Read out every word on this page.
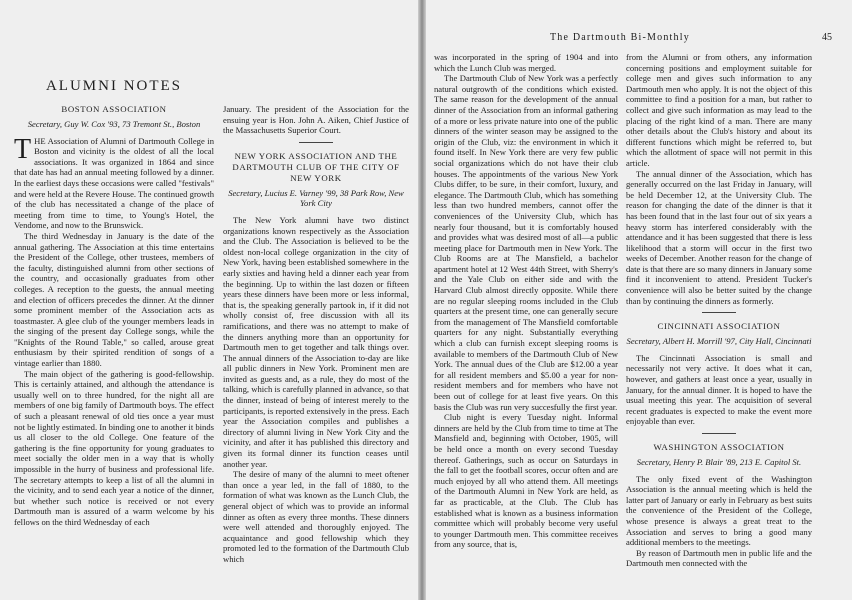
ALUMNI NOTES
BOSTON ASSOCIATION
Secretary, Guy W. Cox '93, 73 Tremont St., Boston

THE Association of Alumni of Dartmouth College in Boston and vicinity is the oldest of all the local associations. It was organized in 1864 and since that date has had an annual meeting followed by a dinner. In the earliest days these occasions were called "festivals" and were held at the Revere House. The continued growth of the club has necessitated a change of the place of meeting from time to time, to Young's Hotel, the Vendome, and now to the Brunswick.

The third Wednesday in January is the date of the annual gathering. The Association at this time entertains the President of the College, other trustees, members of the faculty, distinguished alumni from other sections of the country, and occasionally graduates from other colleges. A reception to the guests, the annual meeting and election of officers precedes the dinner. At the dinner some prominent member of the Association acts as toastmaster. A glee club of the younger members leads in the singing of the present day College songs, while the "Knights of the Round Table," so called, arouse great enthusiasm by their spirited rendition of songs of a vintage earlier than 1880.

The main object of the gathering is good-fellowship. This is certainly attained, and although the attendance is usually well on to three hundred, for the night all are members of one big family of Dartmouth boys. The effect of such a pleasant renewal of old ties once a year must not be lightly estimated. In binding one to another it binds us all closer to the old College. One feature of the gathering is the fine opportunity for young graduates to meet socially the older men in a way that is wholly impossible in the hurry of business and professional life. The secretary attempts to keep a list of all the alumni in the vicinity, and to send each year a notice of the dinner, but whether such notice is received or not every Dartmouth man is assured of a warm welcome by his fellows on the third Wednesday of each

January. The president of the Association for the ensuing year is Hon. John A. Aiken, Chief Justice of the Massachusetts Superior Court.

NEW YORK ASSOCIATION AND THE DARTMOUTH CLUB OF THE CITY OF NEW YORK
Secretary, Lucius E. Varney '99, 38 Park Row, New York City

The New York alumni have two distinct organizations known respectively as the Association and the Club. The Association is believed to be the oldest non-local college organization in the city of New York, having been established somewhere in the early sixties and having held a dinner each year from the beginning. Up to within the last dozen or fifteen years these dinners have been more or less informal, that is, the speaking generally partook in, if it did not wholly consist of, free discussion with all its ramifications, and there was no attempt to make of the dinners anything more than an opportunity for Dartmouth men to get together and talk things over. The annual dinners of the Association to-day are like all public dinners in New York. Prominent men are invited as guests and, as a rule, they do most of the talking, which is carefully planned in advance, so that the dinner, instead of being of interest merely to the participants, is reported extensively in the press. Each year the Association compiles and publishes a directory of alumni living in New York City and the vicinity, and after it has published this directory and given its formal dinner its function ceases until another year.

The desire of many of the alumni to meet oftener than once a year led, in the fall of 1880, to the formation of what was known as the Lunch Club, the general object of which was to provide an informal dinner as often as every three months. These dinners were well attended and thoroughly enjoyed. The acquaintance and good fellowship which they promoted led to the formation of the Dartmouth Club which

The Dartmouth Bi-Monthly	45

was incorporated in the spring of 1904 and into which the Lunch Club was merged.

The Dartmouth Club of New York was a perfectly natural outgrowth of the conditions which existed. The same reason for the development of the annual dinner of the Association from an informal gathering of a more or less private nature into one of the public dinners of the winter season may be assigned to the origin of the Club, viz: the environment in which it found itself. In New York there are very few public social organizations which do not have their club houses. The appointments of the various New York Clubs differ, to be sure, in their comfort, luxury, and elegance. The Dartmouth Club, which has something less than two hundred members, cannot offer the conveniences of the University Club, which has nearly four thousand, but it is comfortably housed and provides what was desired most of all—a public meeting place for Dartmouth men in New York. The Club Rooms are at The Mansfield, a bachelor apartment hotel at 12 West 44th Street, with Sherry's and the Yale Club on either side and with the Harvard Club almost directly opposite. While there are no regular sleeping rooms included in the Club quarters at the present time, one can generally secure from the management of The Mansfield comfortable quarters for any night. Substantially everything which a club can furnish except sleeping rooms is available to members of the Dartmouth Club of New York. The annual dues of the Club are $12.00 a year for all resident members and $5.00 a year for non-resident members and for members who have not been out of college for at least five years. On this basis the Club was run very succesfully the first year.

Club night is every Tuesday night. Informal dinners are held by the Club from time to time at The Mansfield and, beginning with October, 1905, will be held once a month on every second Tuesday thereof. Gatherings, such as occur on Saturdays in the fall to get the football scores, occur often and are much enjoyed by all who attend them. All meetings of the Dartmouth Alumni in New York are held, as far as practicable, at the Club. The Club has established what is known as a business information committee which will probably become very useful to younger Dartmouth men. This committee receives from any source, that is,

from the Alumni or from others, any information concerning positions and employment suitable for college men and gives such information to any Dartmouth men who apply. It is not the object of this committee to find a position for a man, but rather to collect and give such information as may lead to the placing of the right kind of a man. There are many other details about the Club's history and about its different functions which might be referred to, but which the allotment of space will not permit in this article.

The annual dinner of the Association, which has generally occurred on the last Friday in January, will be held December 12, at the University Club. The reason for changing the date of the dinner is that it has been found that in the last four out of six years a heavy storm has interfered considerably with the attendance and it has been suggested that there is less likelihood that a storm will occur in the first two weeks of December. Another reason for the change of date is that there are so many dinners in January some find it inconvenient to attend. President Tucker's convenience will also be better suited by the change than by continuing the dinners as formerly.

CINCINNATI ASSOCIATION
Secretary, Albert H. Morrill '97, City Hall, Cincinnati

The Cincinnati Association is small and necessarily not very active. It does what it can, however, and gathers at least once a year, usually in January, for the annual dinner. It is hoped to have the usual meeting this year. The acquisition of several recent graduates is expected to make the event more enjoyable than ever.

WASHINGTON ASSOCIATION
Secretary, Henry P. Blair '89, 213 E. Capitol St.

The only fixed event of the Washington Association is the annual meeting which is held the latter part of January or early in February as best suits the convenience of the President of the College, whose presence is always a great treat to the Association and serves to bring a good many additional members to the meetings.

By reason of Dartmouth men in public life and the Dartmouth men connected with the
